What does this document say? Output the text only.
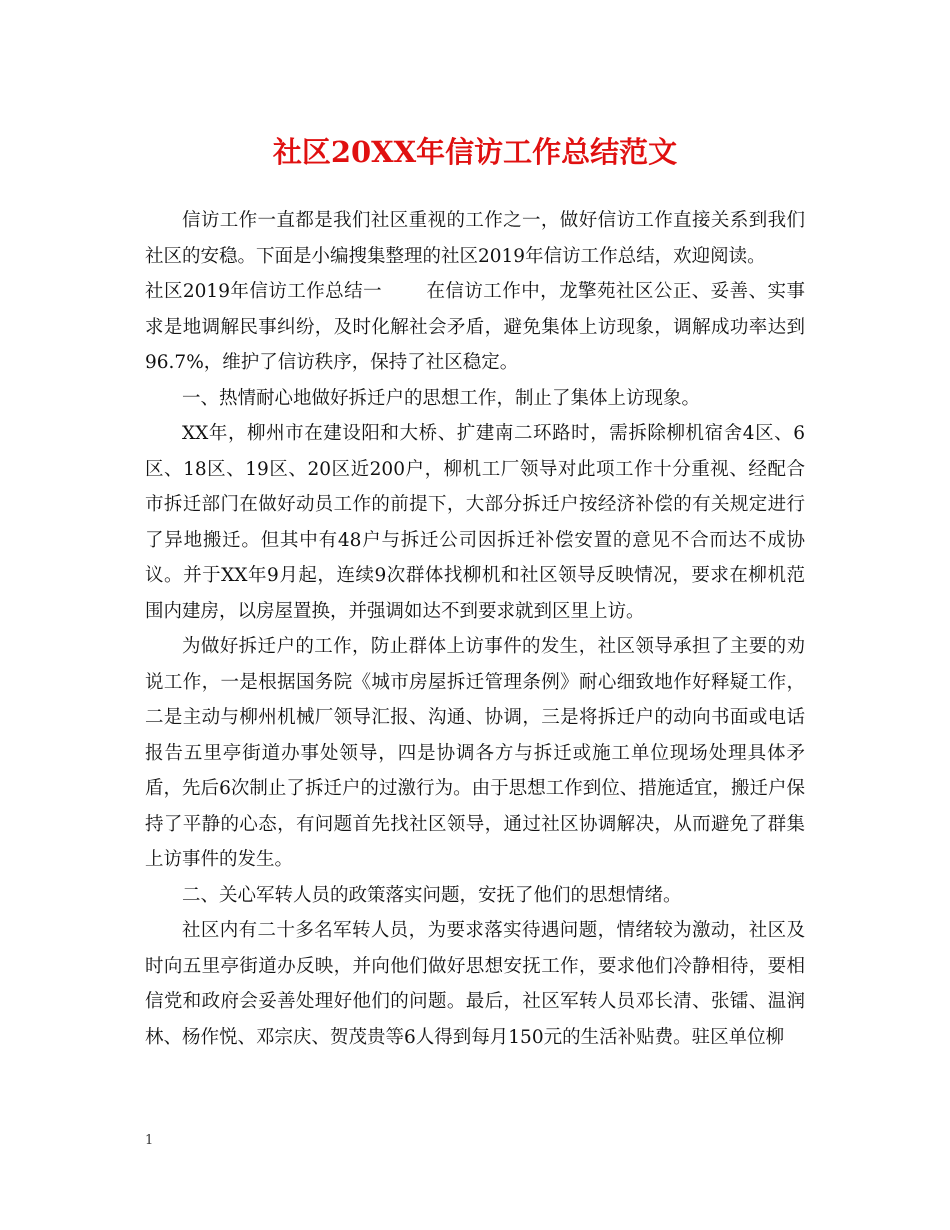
社区20XX年信访工作总结范文

信访工作一直都是我们社区重视的工作之一，做好信访工作直接关系到我们社区的安稳。下面是小编搜集整理的社区2019年信访工作总结，欢迎阅读。

社区2019年信访工作总结一 在信访工作中，龙擎苑社区公正、妥善、实事求是地调解民事纠纷，及时化解社会矛盾，避免集体上访现象，调解成功率达到96.7%，维护了信访秩序，保持了社区稳定。

一、热情耐心地做好拆迁户的思想工作，制止了集体上访现象。

XX年，柳州市在建设阳和大桥、扩建南二环路时，需拆除柳机宿舍4区、6区、18区、19区、20区近200户，柳机工厂领导对此项工作十分重视、经配合市拆迁部门在做好动员工作的前提下，大部分拆迁户按经济补偿的有关规定进行了异地搬迁。但其中有48户与拆迁公司因拆迁补偿安置的意见不合而达不成协议。并于XX年9月起，连续9次群体找柳机和社区领导反映情况，要求在柳机范围内建房，以房屋置换，并强调如达不到要求就到区里上访。

为做好拆迁户的工作，防止群体上访事件的发生，社区领导承担了主要的劝说工作，一是根据国务院《城市房屋拆迁管理条例》耐心细致地作好释疑工作，二是主动与柳州机械厂领导汇报、沟通、协调，三是将拆迁户的动向书面或电话报告五里亭街道办事处领导，四是协调各方与拆迁或施工单位现场处理具体矛盾，先后6次制止了拆迁户的过激行为。由于思想工作到位、措施适宜，搬迁户保持了平静的心态，有问题首先找社区领导，通过社区协调解决，从而避免了群集上访事件的发生。

二、关心军转人员的政策落实问题，安抚了他们的思想情绪。

社区内有二十多名军转人员，为要求落实待遇问题，情绪较为激动，社区及时向五里亭街道办反映，并向他们做好思想安抚工作，要求他们冷静相待，要相信党和政府会妥善处理好他们的问题。最后，社区军转人员邓长清、张镭、温润林、杨作悦、邓宗庆、贺茂贵等6人得到每月150元的生活补贴费。驻区单位柳

1
